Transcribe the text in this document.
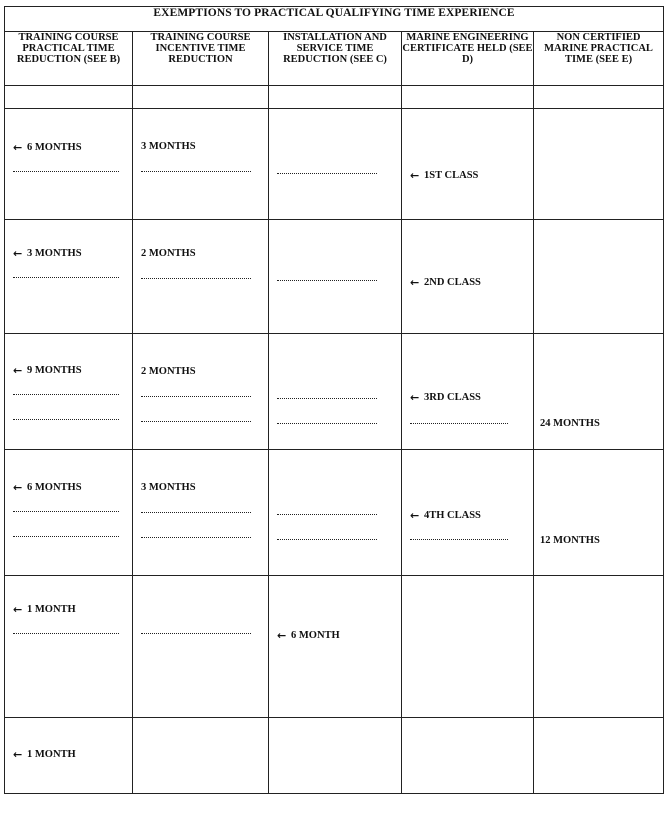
EXEMPTIONS TO PRACTICAL QUALIFYING TIME EXPERIENCE				
TRAINING COURSE PRACTICAL TIME REDUCTION (SEE B)	TRAINING COURSE INCENTIVE TIME REDUCTION	INSTALLATION AND SERVICE TIME REDUCTION (SEE C)	MARINE ENGINEERING CERTIFICATE HELD (SEE D)	NON CERTIFIED MARINE PRACTICAL TIME (SEE E)

← 6 MONTHS	3 MONTHS		← 1ST CLASS	

← 3 MONTHS	2 MONTHS		← 2ND CLASS	

← 9 MONTHS	2 MONTHS		← 3RD CLASS	24 MONTHS

← 6 MONTHS	3 MONTHS		← 4TH CLASS	12 MONTHS

← 1 MONTH		← 6 MONTH		

← 1 MONTH				
